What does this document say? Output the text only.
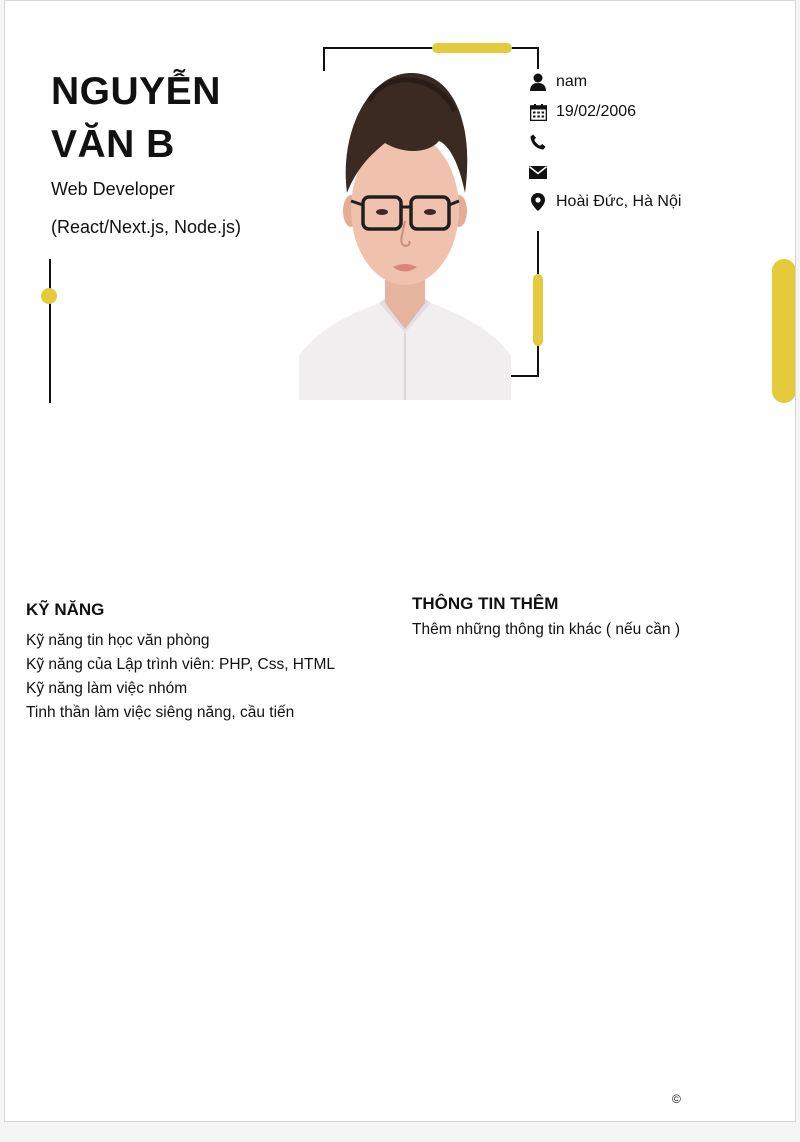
NGUYỄN
VĂN B
Web Developer
(React/Next.js, Node.js)
nam
19/02/2006
Hoài Đức, Hà Nội
KỸ NĂNG
Kỹ năng tin học văn phòng
Kỹ năng của Lập trình viên: PHP, Css, HTML
Kỹ năng làm việc nhóm
Tinh thần làm việc siêng năng, cầu tiến
THÔNG TIN THÊM
Thêm những thông tin khác ( nếu cần )
©
